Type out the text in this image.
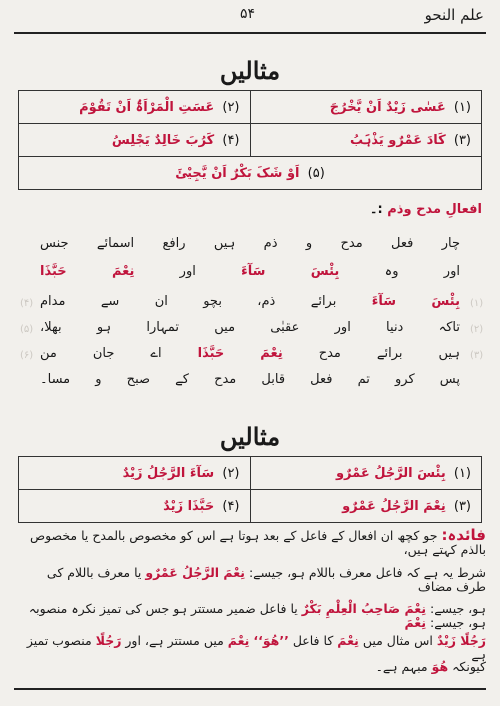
علم النحو
۵۴
مثالیں
(۱) عَسٰی زَیْدٌ اَنْ یَّخْرُجَ	(۲) عَسَتِ الْمَرْاَۃُ اَنْ تَقُوْمَ
(۳) کَادَ عَمْرٌو یَذْہَبُ	(۴) کَرُبَ خَالِدٌ یَجْلِسُ
(۵) اَوْ شَکَ بَکْرٌ اَنْ یَّجِیْئَ	
افعالِ مدح وذم :۔
چار فعل مدح و ذم ہیں رافع اسمائے جنس
اور وہ بِئْسَ سَآءَ اور نِعْمَ حَبَّذَا
بِئْسَ سَآءَ برائے ذم، بچو ان سے مدام
تاکہ دنیا اور عقبٰی میں تمہارا ہو بھلا،
ہیں برائے مدح نِعْمَ حَبَّذَا اے جان من
پس کرو تم فعل قابل مدح کے صبح و مسا۔
(۱)
(۲)
(۳)
(۴)
(۵)
(۶)
مثالیں
(۱) بِئْسَ الرَّجُلُ عَمْرٌو	(۲) سَآءَ الرَّجُلُ زَیْدٌ
(۳) نِعْمَ الرَّجُلُ عَمْرٌو	(۴) حَبَّذَا زَیْدٌ
فائدہ: جو کچھ ان افعال کے فاعل کے بعد ہوتا ہے اس کو مخصوص بالمدح یا مخصوص بالذم کہتے ہیں،
شرط یہ ہے کہ فاعل معرف باللام ہو، جیسے: نِعْمَ الرَّجُلُ عَمْرٌو یا معرف باللام کی طرف مضاف
ہو، جیسے: نِعْمَ صَاحِبُ الْعِلْمِ بَکْرٌ یا فاعل ضمیر مستتر ہو جس کی تمیز نکرہ منصوبہ ہو، جیسے: نِعْمَ
رَجُلًا زَیْدٌ اس مثال میں نِعْمَ کا فاعل ’’ھُوَ‘‘ نِعْمَ میں مستتر ہے، اور رَجُلًا منصوب تمیز ہے
کیونکہ ھُوَ مبہم ہے۔
